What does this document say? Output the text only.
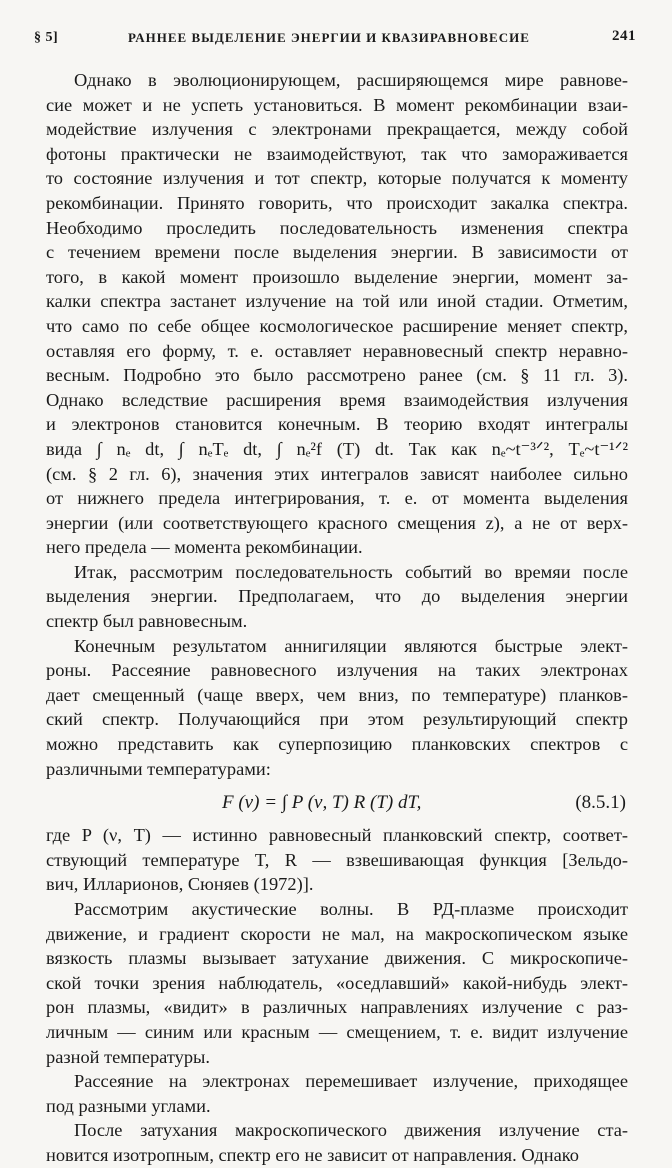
§ 5]	РАННЕЕ ВЫДЕЛЕНИЕ ЭНЕРГИИ И КВАЗИРАВНОВЕСИЕ	241
Однако в эволюционирующем, расширяющемся мире равнове-
сие может и не успеть установиться. В момент рекомбинации взаи-
модействие излучения с электронами прекращается, между собой
фотоны практически не взаимодействуют, так что замораживается
то состояние излучения и тот спектр, которые получатся к моменту
рекомбинации. Принято говорить, что происходит закалка спектра.
Необходимо проследить последовательность изменения спектра
с течением времени после выделения энергии. В зависимости от
того, в какой момент произошло выделение энергии, момент за-
калки спектра застанет излучение на той или иной стадии. Отметим,
что само по себе общее космологическое расширение меняет спектр,
оставляя его форму, т. е. оставляет неравновесный спектр неравно-
весным. Подробно это было рассмотрено ранее (см. § 11 гл. 3).
Однако вследствие расширения время взаимодействия излучения
и электронов становится конечным. В теорию входят интегралы
вида ∫ nₑ dt, ∫ nₑTₑ dt, ∫ nₑ²f (T) dt. Так как nₑ~t⁻³ᐟ², Tₑ~t⁻¹ᐟ²
(см. § 2 гл. 6), значения этих интегралов зависят наиболее сильно
от нижнего предела интегрирования, т. е. от момента выделения
энергии (или соответствующего красного смещения z), а не от верх-
него предела — момента рекомбинации.
Итак, рассмотрим последовательность событий во времяи после
выделения энергии. Предполагаем, что до выделения энергии
спектр был равновесным.
Конечным результатом аннигиляции являются быстрые элект-
роны. Рассеяние равновесного излучения на таких электронах
дает смещенный (чаще вверх, чем вниз, по температуре) планков-
ский спектр. Получающийся при этом результирующий спектр
можно представить как суперпозицию планковских спектров с
различными температурами:
F (ν) = ∫ P (ν, T) R (T) dT,	(8.5.1)
где P (ν, T) — истинно равновесный планковский спектр, соответ-
ствующий температуре T, R — взвешивающая функция [Зельдо-
вич, Илларионов, Сюняев (1972)].
Рассмотрим акустические волны. В РД-плазме происходит
движение, и градиент скорости не мал, на макроскопическом языке
вязкость плазмы вызывает затухание движения. С микроскопиче-
ской точки зрения наблюдатель, «оседлавший» какой-нибудь элект-
рон плазмы, «видит» в различных направлениях излучение с раз-
личным — синим или красным — смещением, т. е. видит излучение
разной температуры.
Рассеяние на электронах перемешивает излучение, приходящее
под разными углами.
После затухания макроскопического движения излучение ста-
новится изотропным, спектр его не зависит от направления. Однако
